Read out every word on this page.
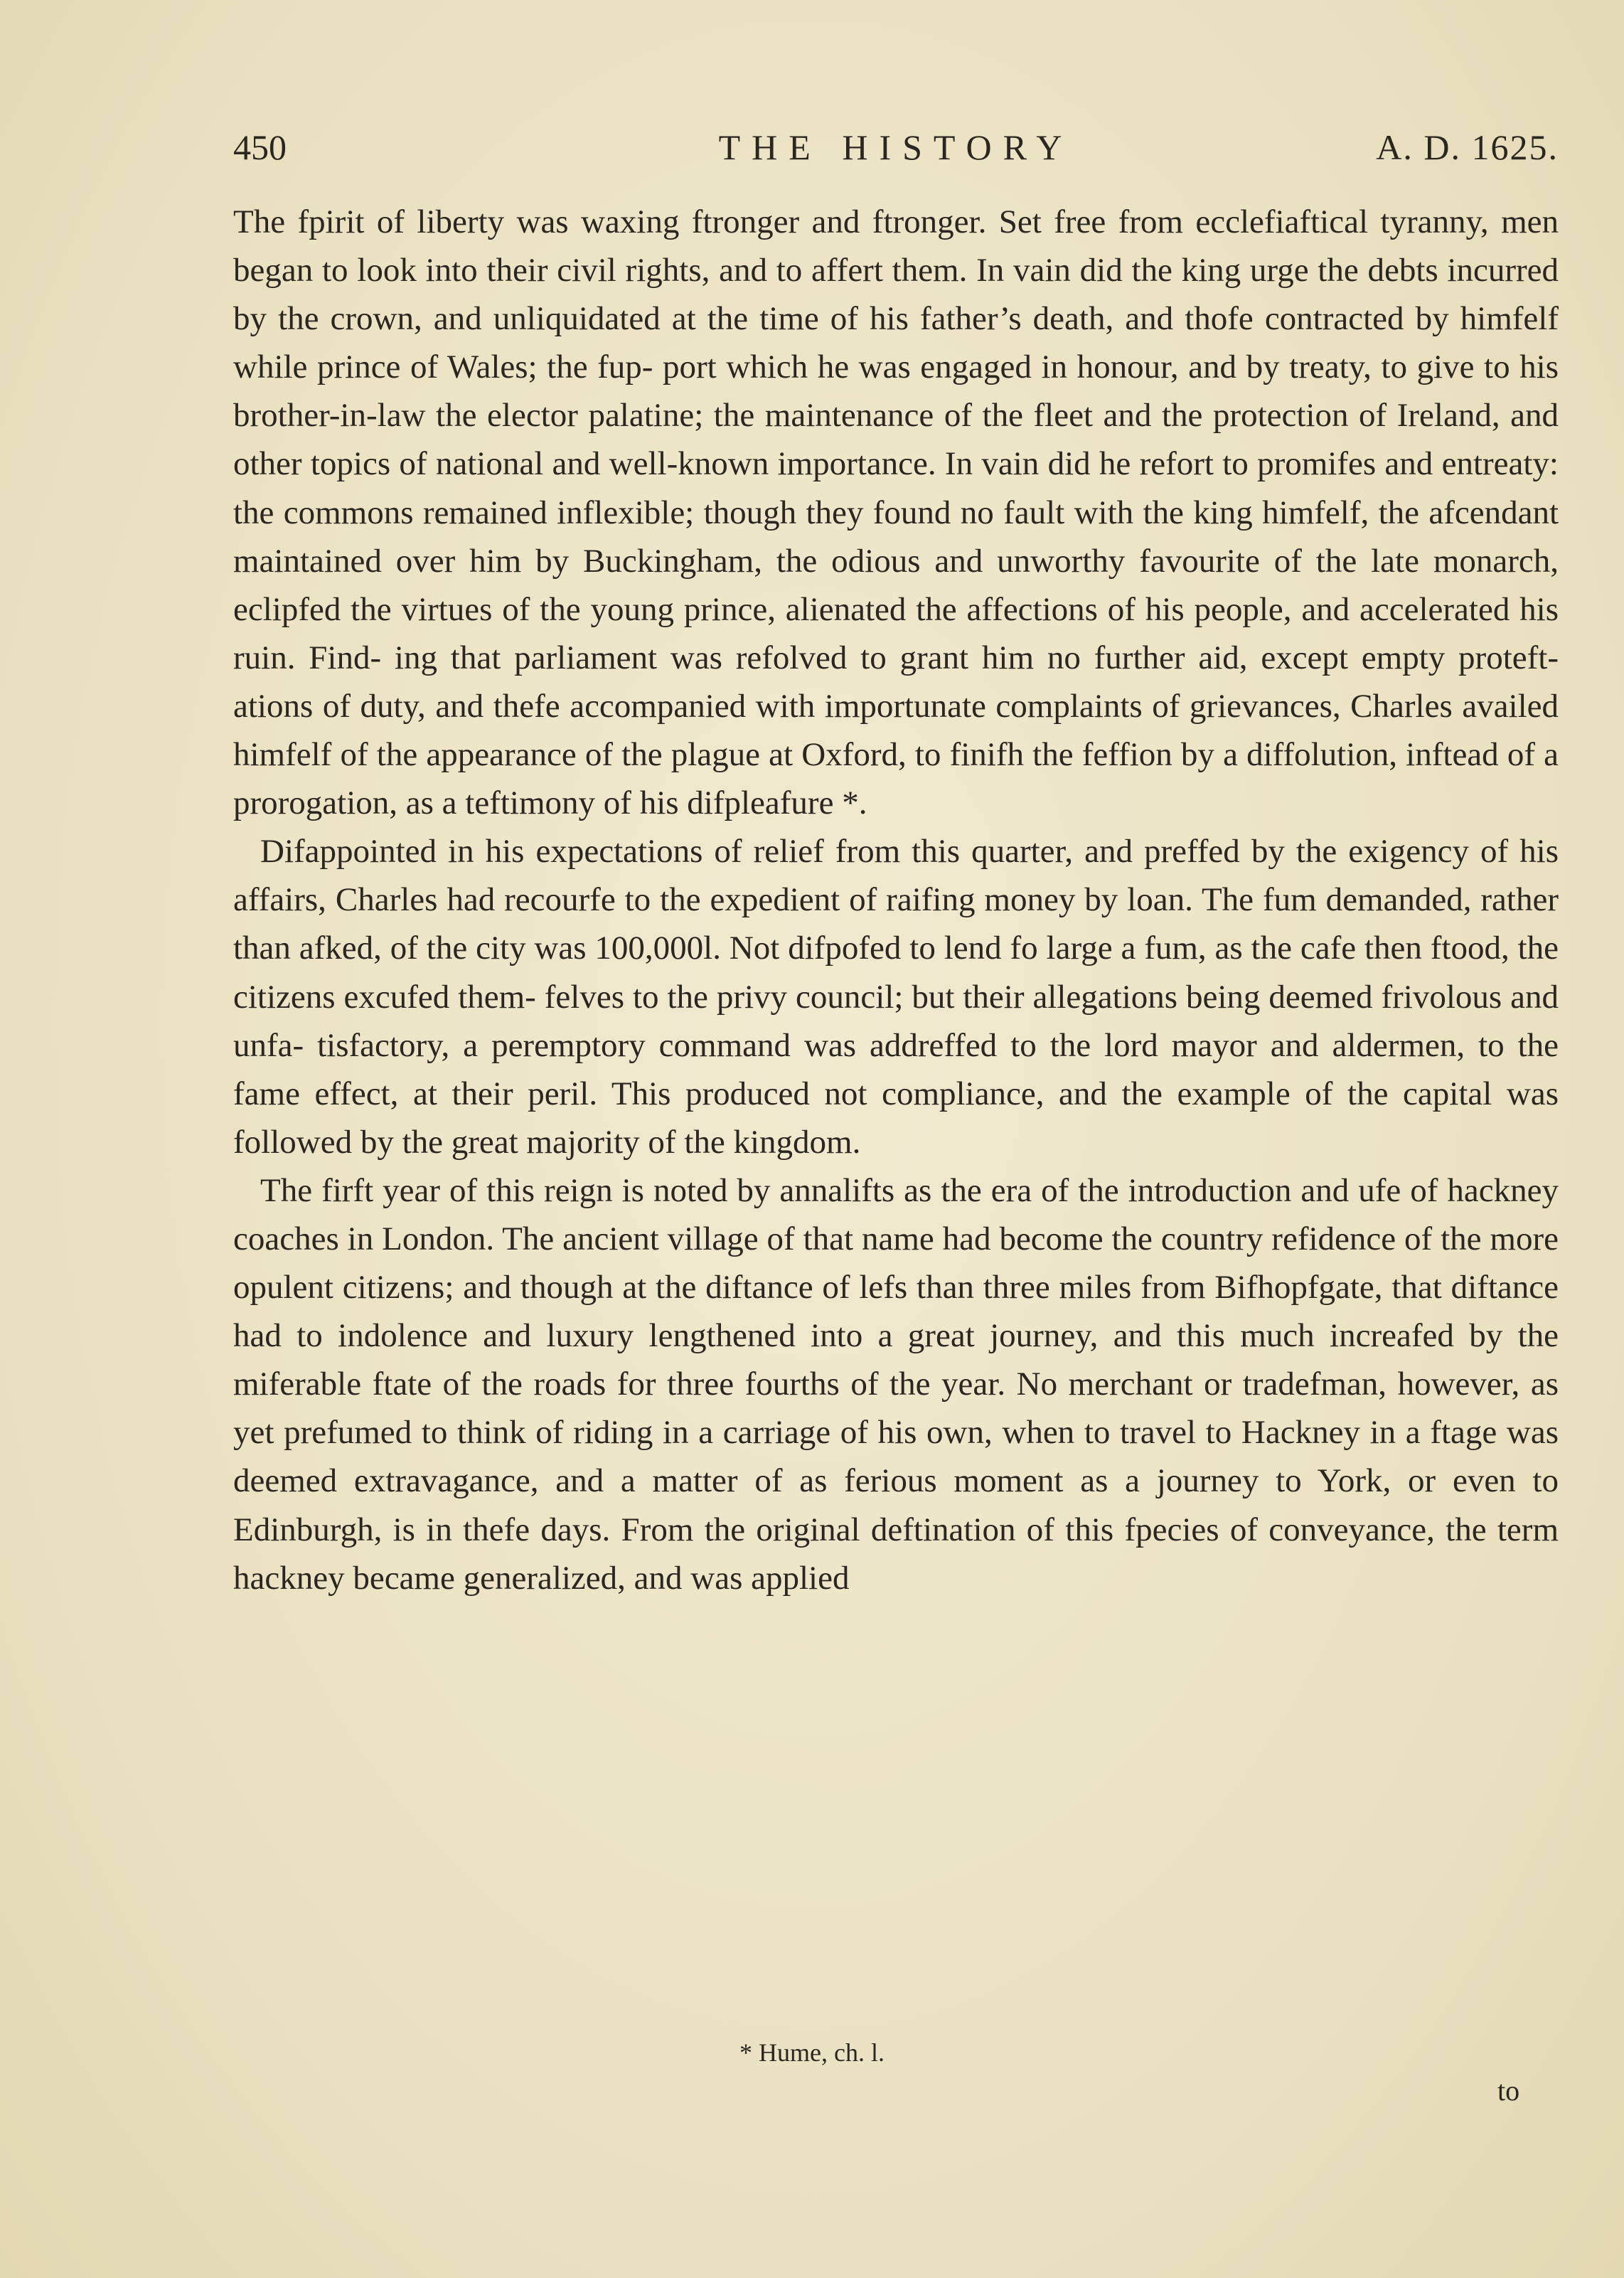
450	THE HISTORY	A. D. 1625.

The fpirit of liberty was waxing ftronger and ftronger. Set free from ecclefiaftical tyranny, men began to look into their civil rights, and to affert them. In vain did the king urge the debts incurred by the crown, and unliquidated at the time of his father’s death, and thofe contracted by himfelf while prince of Wales; the fup- port which he was engaged in honour, and by treaty, to give to his brother-in-law the elector palatine; the maintenance of the fleet and the protection of Ireland, and other topics of national and well-known importance. In vain did he refort to promifes and entreaty: the commons remained inflexible; though they found no fault with the king himfelf, the afcendant maintained over him by Buckingham, the odious and unworthy favourite of the late monarch, eclipfed the virtues of the young prince, alienated the affections of his people, and accelerated his ruin. Find- ing that parliament was refolved to grant him no further aid, except empty proteft- ations of duty, and thefe accompanied with importunate complaints of grievances, Charles availed himfelf of the appearance of the plague at Oxford, to finifh the feffion by a diffolution, inftead of a prorogation, as a teftimony of his difpleafure *.

Difappointed in his expectations of relief from this quarter, and preffed by the exigency of his affairs, Charles had recourfe to the expedient of raifing money by loan. The fum demanded, rather than afked, of the city was 100,000l. Not difpofed to lend fo large a fum, as the cafe then ftood, the citizens excufed them- felves to the privy council; but their allegations being deemed frivolous and unfa- tisfactory, a peremptory command was addreffed to the lord mayor and aldermen, to the fame effect, at their peril. This produced not compliance, and the example of the capital was followed by the great majority of the kingdom.

The firft year of this reign is noted by annalifts as the era of the introduction and ufe of hackney coaches in London. The ancient village of that name had become the country refidence of the more opulent citizens; and though at the diftance of lefs than three miles from Bifhopfgate, that diftance had to indolence and luxury lengthened into a great journey, and this much increafed by the miferable ftate of the roads for three fourths of the year. No merchant or tradefman, however, as yet prefumed to think of riding in a carriage of his own, when to travel to Hackney in a ftage was deemed extravagance, and a matter of as ferious moment as a journey to York, or even to Edinburgh, is in thefe days. From the original deftination of this fpecies of conveyance, the term hackney became generalized, and was applied

* Hume, ch. l.
to
